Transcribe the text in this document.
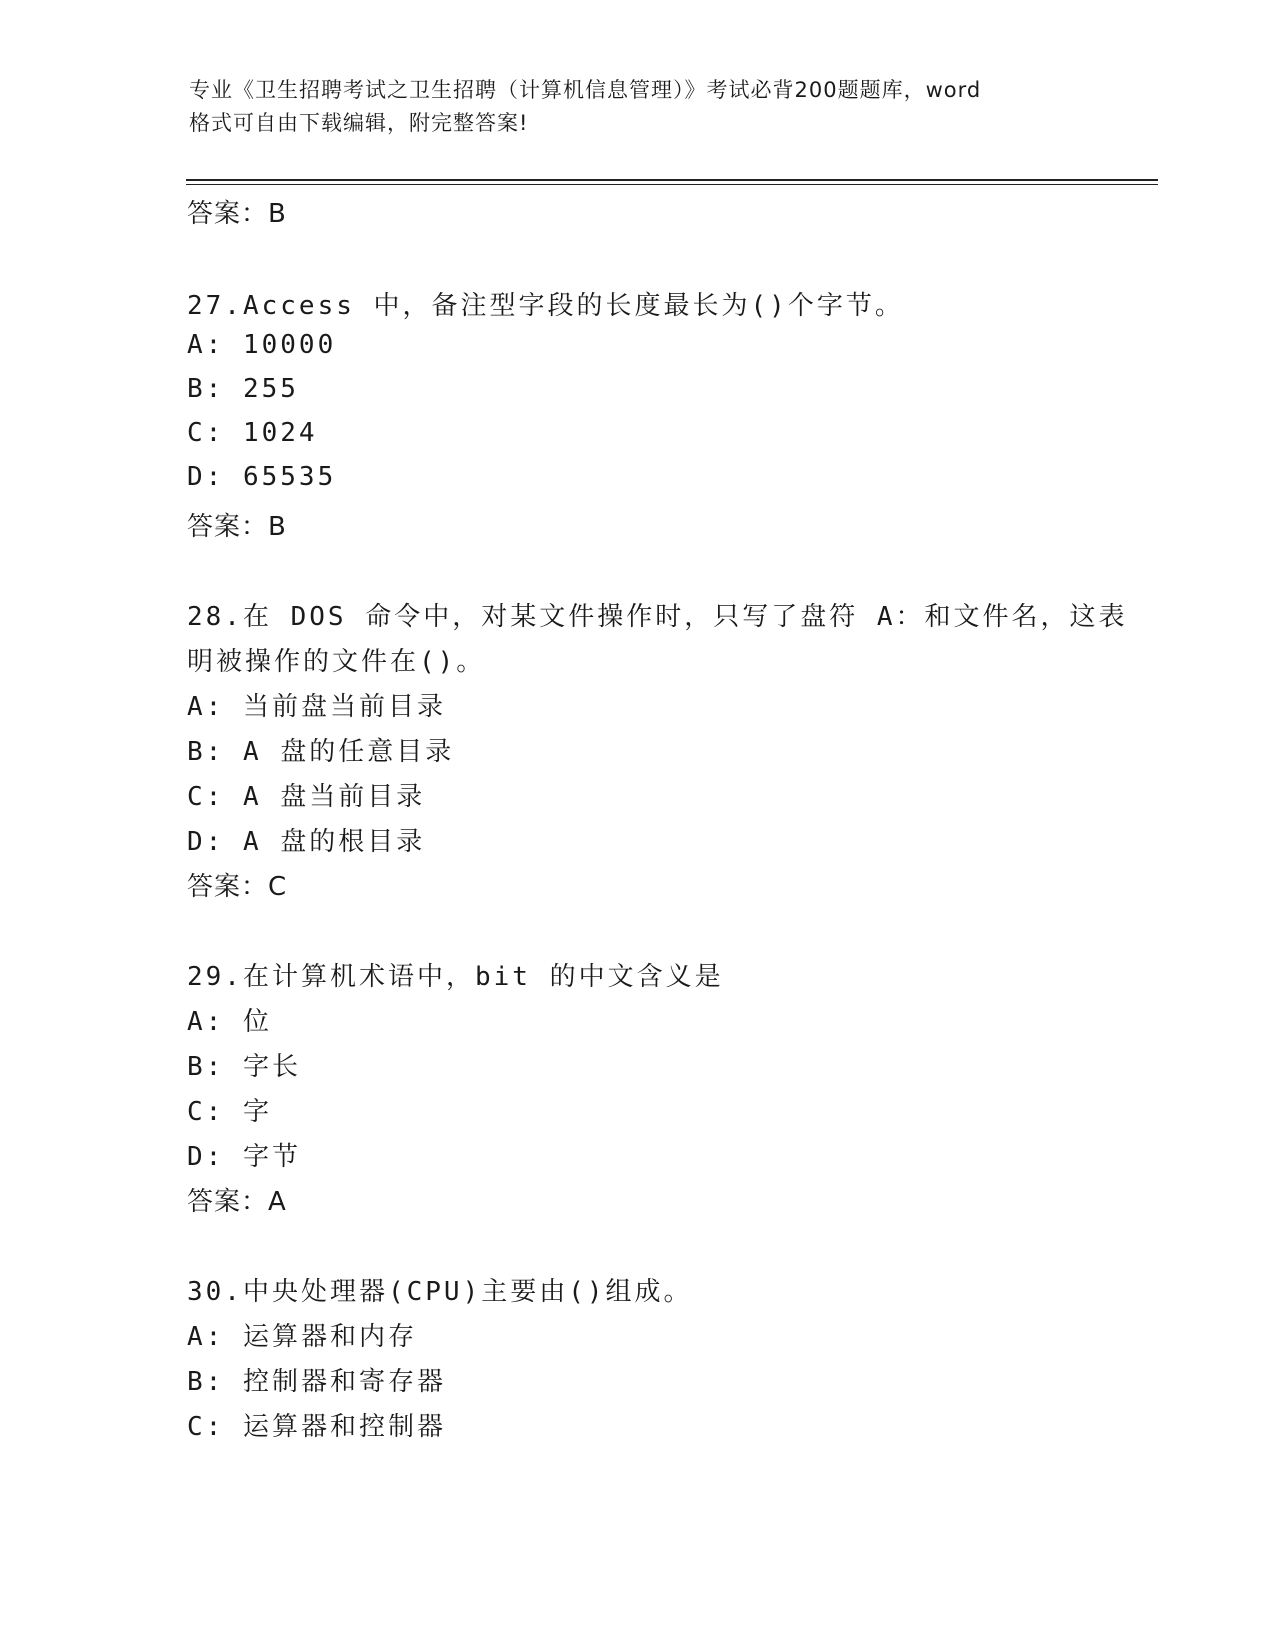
专业《卫生招聘考试之卫生招聘（计算机信息管理）》考试必背200题题库，word
格式可自由下载编辑，附完整答案!
答案：B
27.Access 中，备注型字段的长度最长为()个字节。
A: 10000
B: 255
C: 1024
D: 65535
答案：B
28.在 DOS 命令中，对某文件操作时，只写了盘符 A：和文件名，这表
明被操作的文件在()。
A: 当前盘当前目录
B: A 盘的任意目录
C: A 盘当前目录
D: A 盘的根目录
答案：C
29.在计算机术语中，bit 的中文含义是
A: 位
B: 字长
C: 字
D: 字节
答案：A
30.中央处理器(CPU)主要由()组成。
A: 运算器和内存
B: 控制器和寄存器
C: 运算器和控制器
